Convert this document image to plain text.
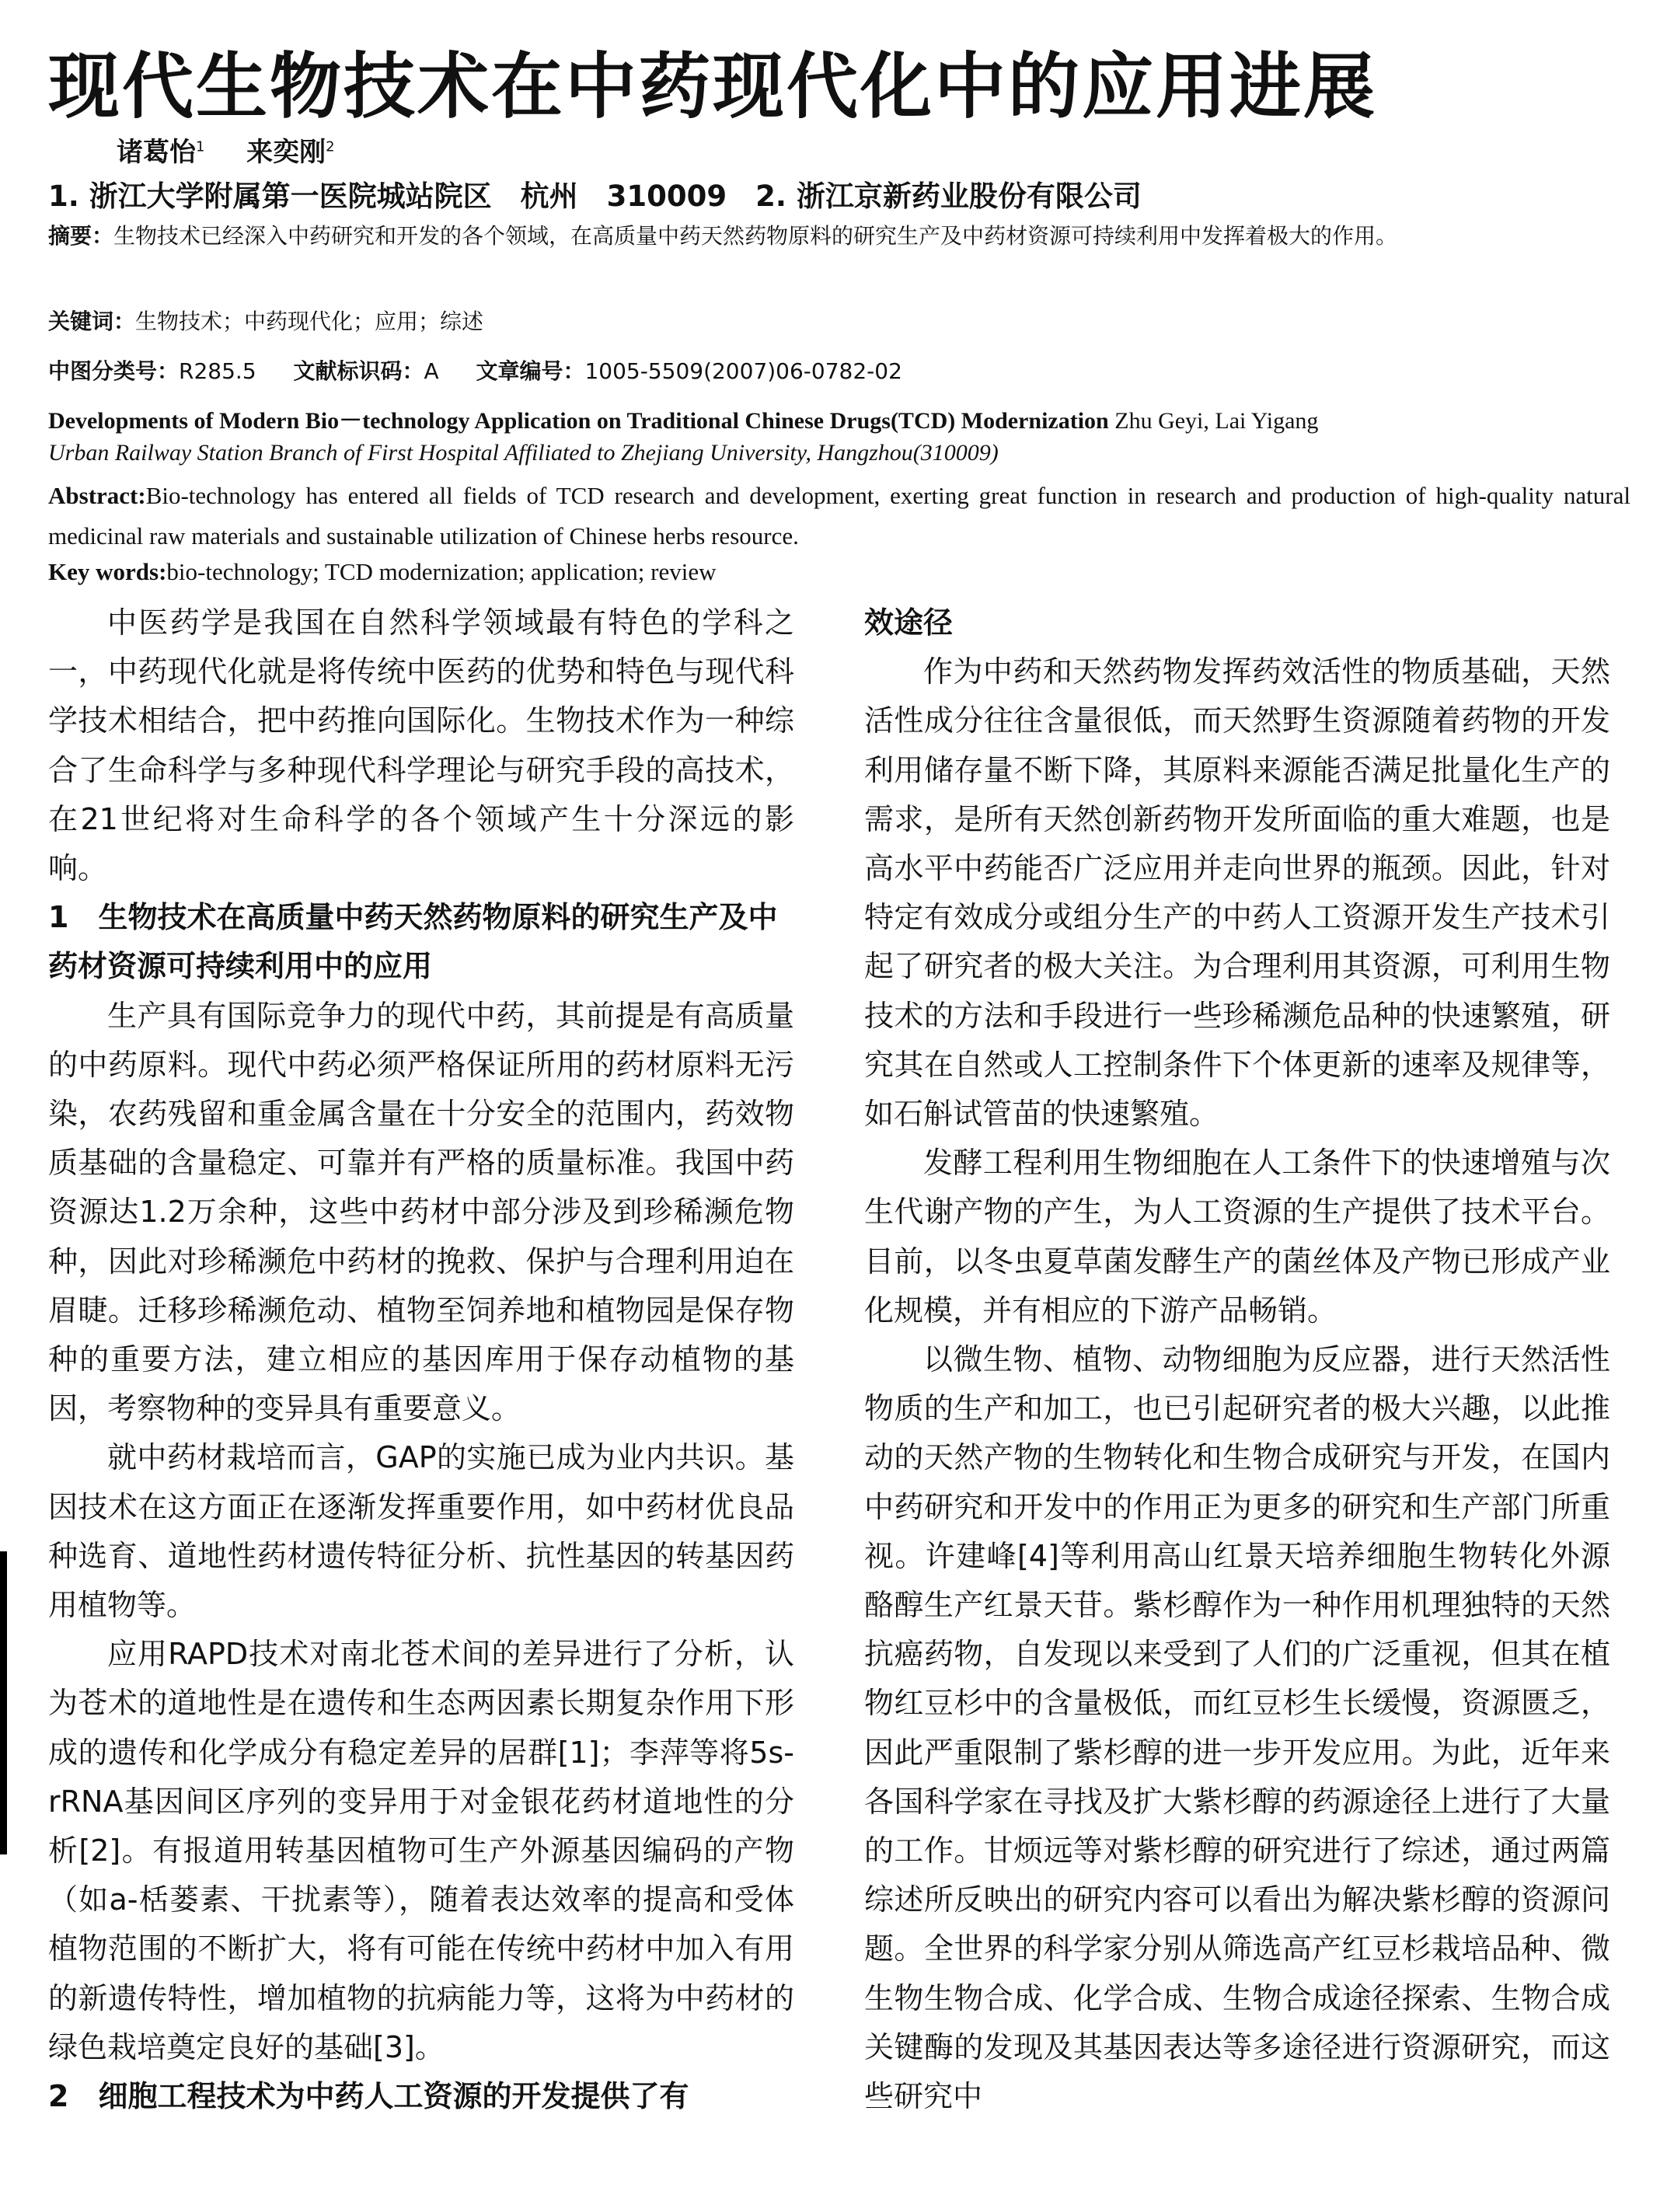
现代生物技术在中药现代化中的应用进展
诸葛怡$^1$ 来奕刚$^2$
1. 浙江大学附属第一医院城站院区　杭州　310009　2. 浙江京新药业股份有限公司
摘要：生物技术已经深入中药研究和开发的各个领域，在高质量中药天然药物原料的研究生产及中药材资源可持续利用中发挥着极大的作用。
关键词：生物技术；中药现代化；应用；综述
中图分类号：R285.5 文献标识码：A 文章编号：1005-5509(2007)06-0782-02
Developments of Modern Bio－technology Application on Traditional Chinese Drugs(TCD) Modernization Zhu Geyi, Lai Yigang
Urban Railway Station Branch of First Hospital Affiliated to Zhejiang University, Hangzhou(310009)
Abstract:Bio-technology has entered all fields of TCD research and development, exerting great function in research and production of high-quality natural medicinal raw materials and sustainable utilization of Chinese herbs resource.
Key words:bio-technology; TCD modernization; application; review

中医药学是我国在自然科学领域最有特色的学科之一，中药现代化就是将传统中医药的优势和特色与现代科学技术相结合，把中药推向国际化。生物技术作为一种综合了生命科学与多种现代科学理论与研究手段的高技术，在21世纪将对生命科学的各个领域产生十分深远的影响。

1　生物技术在高质量中药天然药物原料的研究生产及中药材资源可持续利用中的应用

生产具有国际竞争力的现代中药，其前提是有高质量的中药原料。现代中药必须严格保证所用的药材原料无污染，农药残留和重金属含量在十分安全的范围内，药效物质基础的含量稳定、可靠并有严格的质量标准。我国中药资源达1.2万余种，这些中药材中部分涉及到珍稀濒危物种，因此对珍稀濒危中药材的挽救、保护与合理利用迫在眉睫。迁移珍稀濒危动、植物至饲养地和植物园是保存物种的重要方法，建立相应的基因库用于保存动植物的基因，考察物种的变异具有重要意义。

就中药材栽培而言，GAP的实施已成为业内共识。基因技术在这方面正在逐渐发挥重要作用，如中药材优良品种选育、道地性药材遗传特征分析、抗性基因的转基因药用植物等。

应用RAPD技术对南北苍术间的差异进行了分析，认为苍术的道地性是在遗传和生态两因素长期复杂作用下形成的遗传和化学成分有稳定差异的居群[1]；李萍等将5s-rRNA基因间区序列的变异用于对金银花药材道地性的分析[2]。有报道用转基因植物可生产外源基因编码的产物（如a-栝蒌素、干扰素等），随着表达效率的提高和受体植物范围的不断扩大，将有可能在传统中药材中加入有用的新遗传特性，增加植物的抗病能力等，这将为中药材的绿色栽培奠定良好的基础[3]。

2　细胞工程技术为中药人工资源的开发提供了有
效途径

作为中药和天然药物发挥药效活性的物质基础，天然活性成分往往含量很低，而天然野生资源随着药物的开发利用储存量不断下降，其原料来源能否满足批量化生产的需求，是所有天然创新药物开发所面临的重大难题，也是高水平中药能否广泛应用并走向世界的瓶颈。因此，针对特定有效成分或组分生产的中药人工资源开发生产技术引起了研究者的极大关注。为合理利用其资源，可利用生物技术的方法和手段进行一些珍稀濒危品种的快速繁殖，研究其在自然或人工控制条件下个体更新的速率及规律等，如石斛试管苗的快速繁殖。

发酵工程利用生物细胞在人工条件下的快速增殖与次生代谢产物的产生，为人工资源的生产提供了技术平台。目前，以冬虫夏草菌发酵生产的菌丝体及产物已形成产业化规模，并有相应的下游产品畅销。

以微生物、植物、动物细胞为反应器，进行天然活性物质的生产和加工，也已引起研究者的极大兴趣，以此推动的天然产物的生物转化和生物合成研究与开发，在国内中药研究和开发中的作用正为更多的研究和生产部门所重视。许建峰[4]等利用高山红景天培养细胞生物转化外源酪醇生产红景天苷。紫杉醇作为一种作用机理独特的天然抗癌药物，自发现以来受到了人们的广泛重视，但其在植物红豆杉中的含量极低，而红豆杉生长缓慢，资源匮乏，因此严重限制了紫杉醇的进一步开发应用。为此，近年来各国科学家在寻找及扩大紫杉醇的药源途径上进行了大量的工作。甘烦远等对紫杉醇的研究进行了综述，通过两篇综述所反映出的研究内容可以看出为解决紫杉醇的资源问题。全世界的科学家分别从筛选高产红豆杉栽培品种、微生物生物合成、化学合成、生物合成途径探索、生物合成关键酶的发现及其基因表达等多途径进行资源研究，而这些研究中
